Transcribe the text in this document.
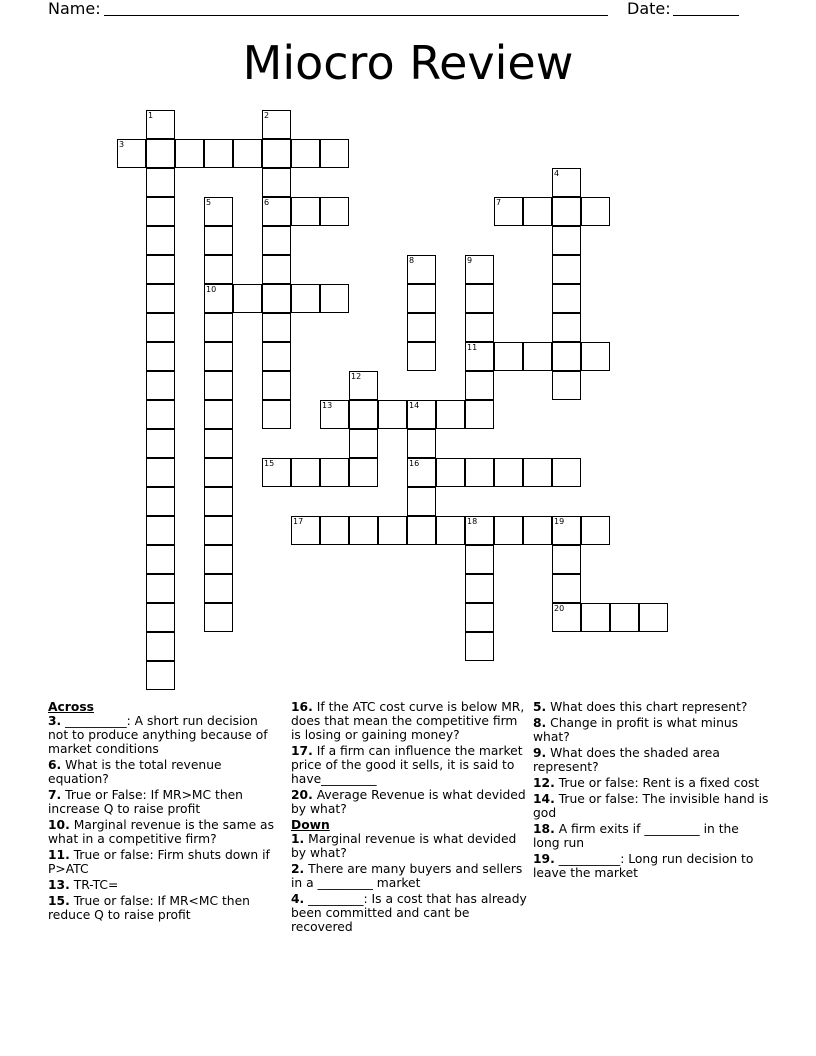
Name:	Date:
Miocro Review
1	2
3
4
5	6	7
8	9
10
11
12
13	14
15	16
17	18	19
20
Across
3. __________: A short run decision not to produce anything because of market conditions
6. What is the total revenue equation?
7. True or False: If MR>MC then increase Q to raise profit
10. Marginal revenue is the same as what in a competitive firm?
11. True or false: Firm shuts down if P>ATC
13. TR-TC=
15. True or false: If MR<MC then reduce Q to raise profit
16. If the ATC cost curve is below MR, does that mean the competitive firm is losing or gaining money?
17. If a firm can influence the market price of the good it sells, it is said to have_________
20. Average Revenue is what devided by what?
Down
1. Marginal revenue is what devided by what?
2. There are many buyers and sellers in a _________ market
4. _________: Is a cost that has already been committed and cant be recovered
5. What does this chart represent?
8. Change in profit is what minus what?
9. What does the shaded area represent?
12. True or false: Rent is a fixed cost
14. True or false: The invisible hand is god
18. A firm exits if _________ in the long run
19. __________: Long run decision to leave the market
